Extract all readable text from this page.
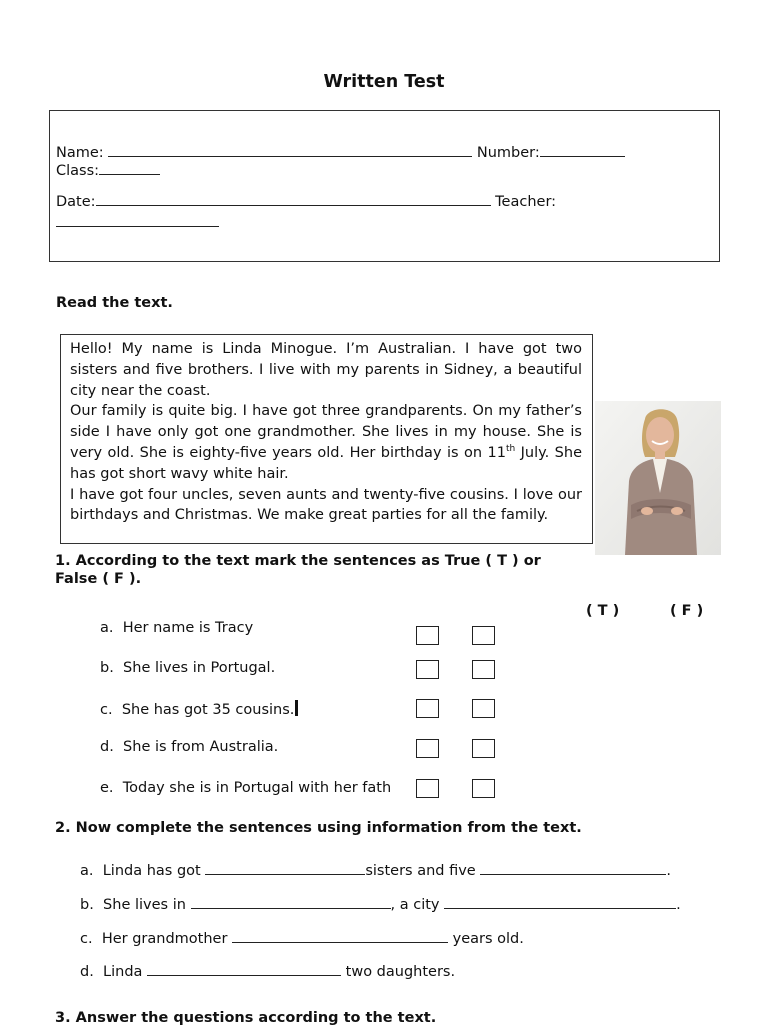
Written Test
Name:	Number:
Class:
Date:	Teacher:
Read the text.

Hello! My name is Linda Minogue. I’m Australian. I have got two sisters and five brothers. I live with my parents in Sidney, a beautiful city near the coast.

Our family is quite big. I have got three grandparents. On my father’s side I have only got one grandmother. She lives in my house. She is very old. She is eighty-five years old. Her birthday is on 11th July. She has got short wavy white hair.

I have got four uncles, seven aunts and twenty-five cousins. I love our birthdays and Christmas. We make great parties for all the family.

1. According to the text mark the sentences as True ( T ) or
False ( F ).
( T )	( F )
a. Her name is Tracy
b. She lives in Portugal.
c. She has got 35 cousins.
d. She is from Australia.
e. Today she is in Portugal with her fath
2. Now complete the sentences using information from the text.
a. Linda has got	sisters and five	.
b. She lives in	, a city	.
c. Her grandmother	years old.
d. Linda	two daughters.
3. Answer the questions according to the text.
